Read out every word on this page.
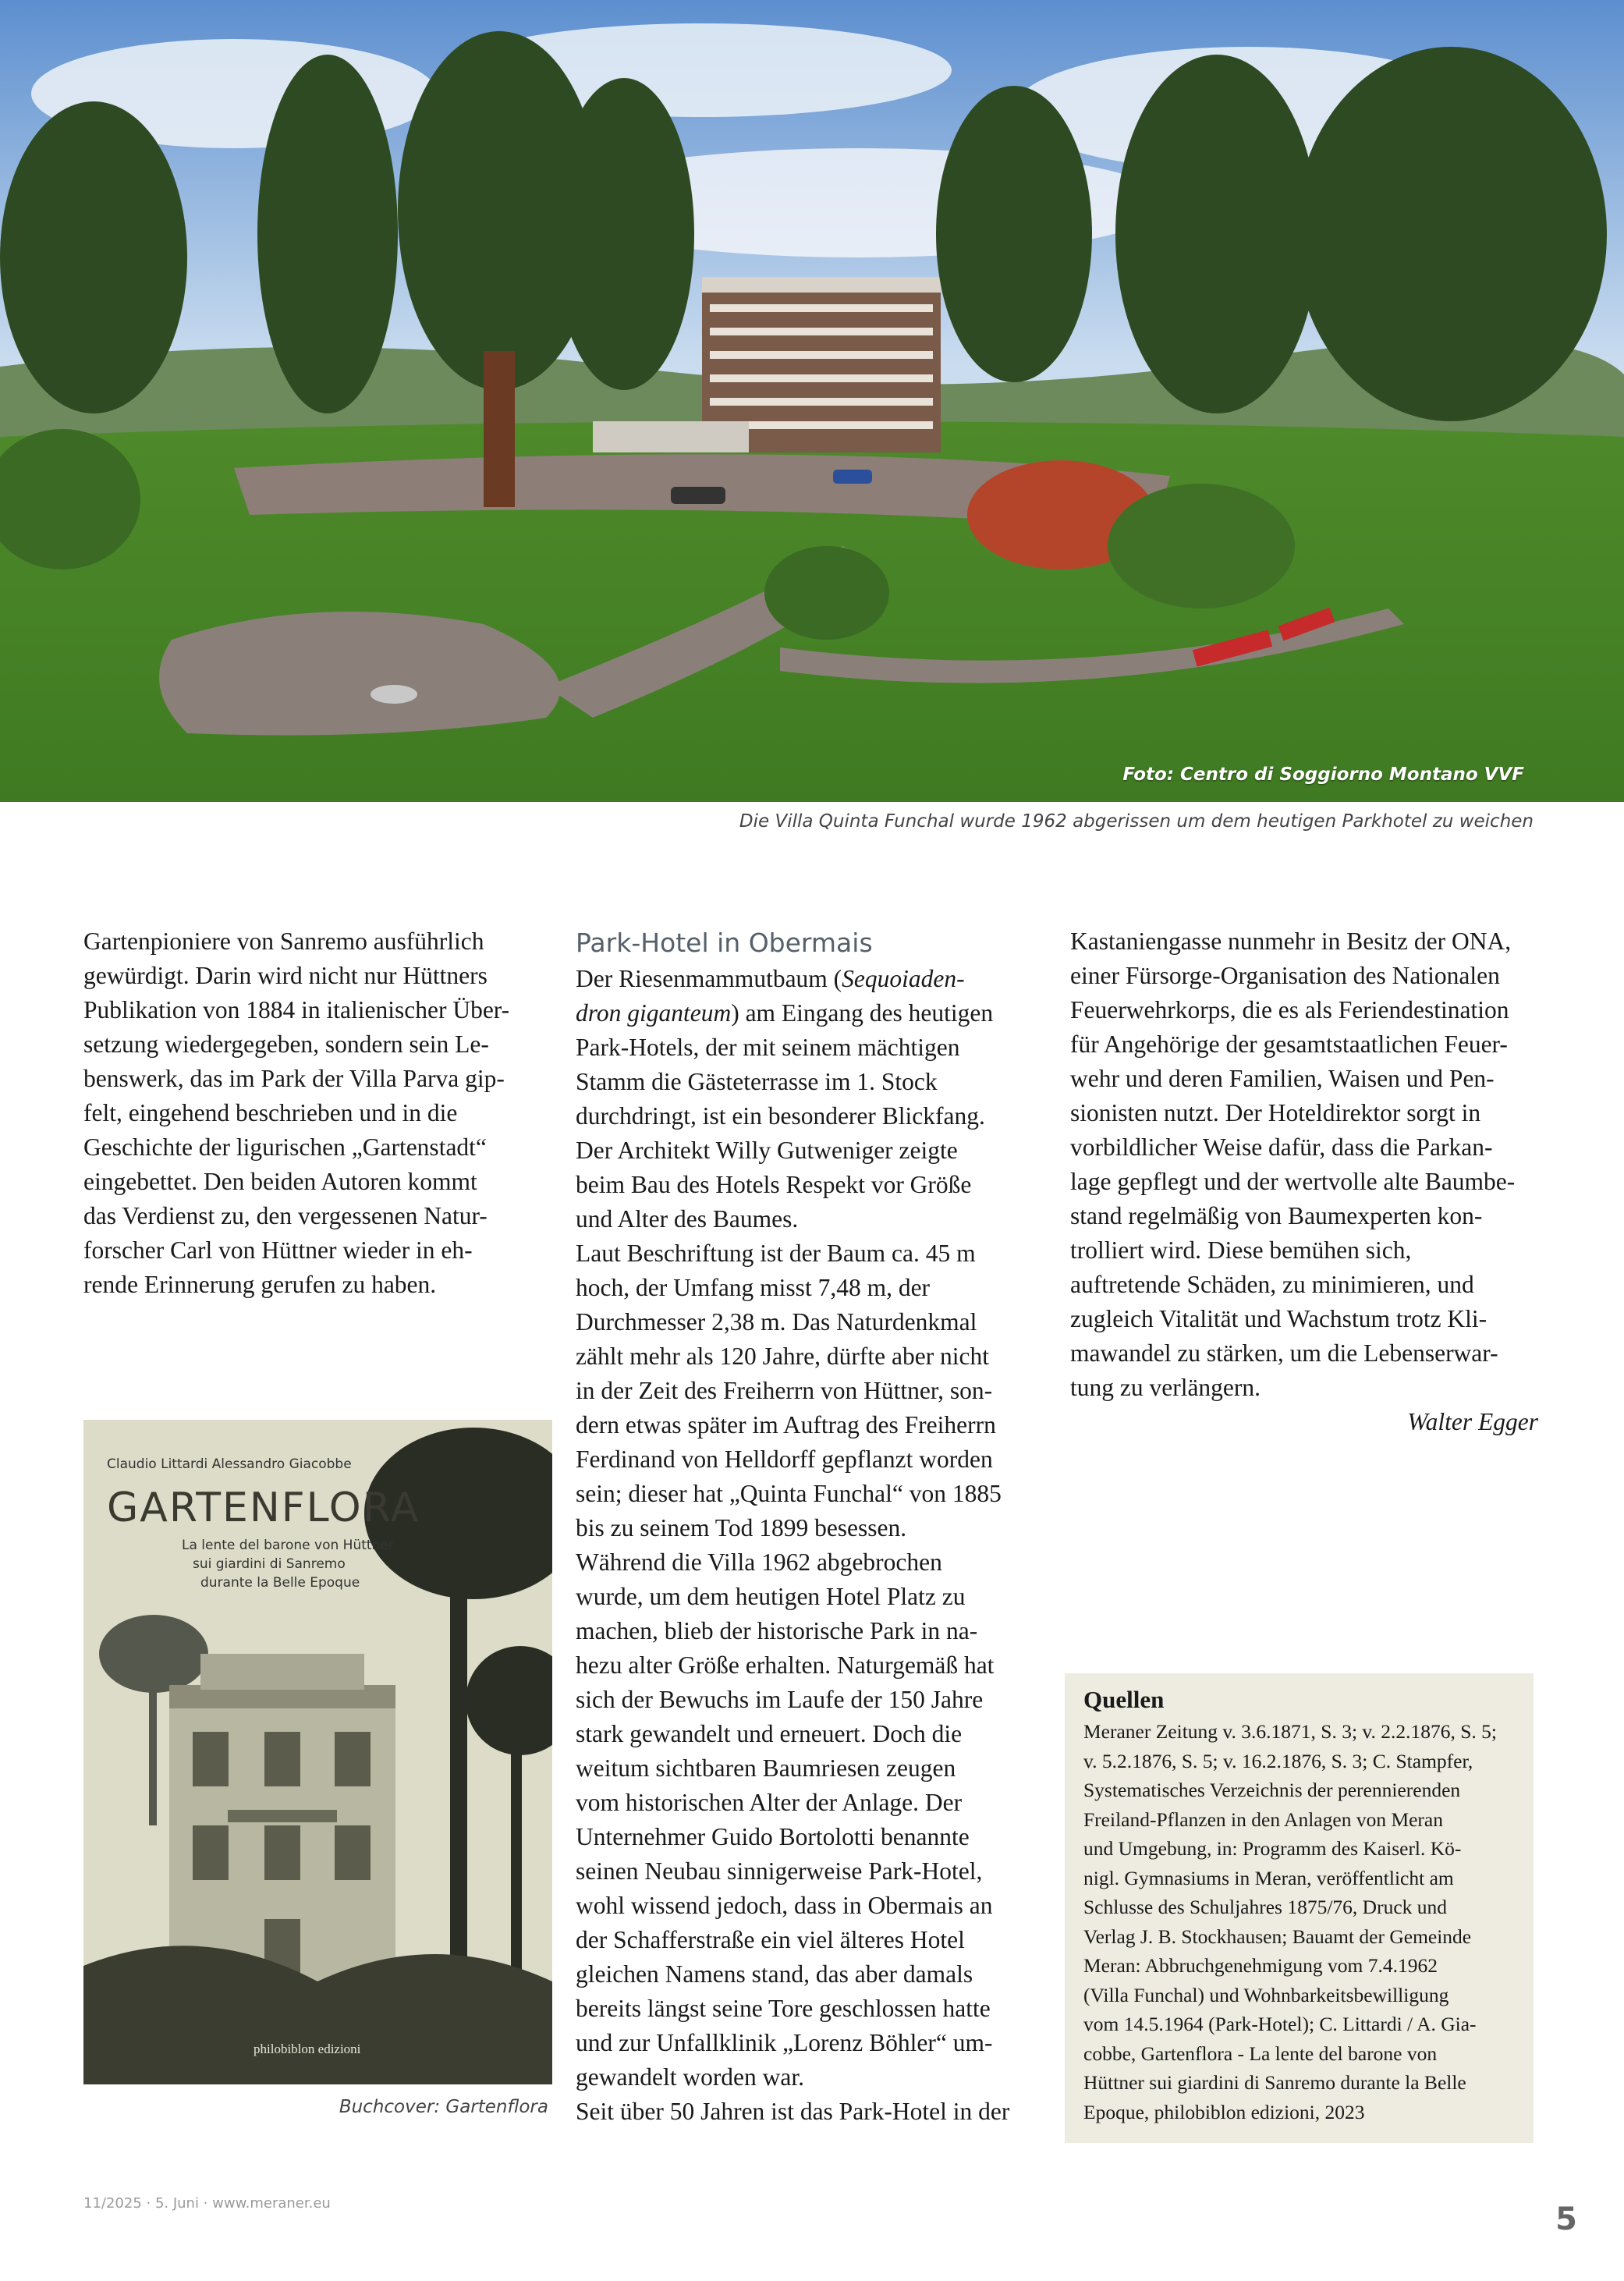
Foto: Centro di Soggiorno Montano VVF
Die Villa Quinta Funchal wurde 1962 abgerissen um dem heutigen Parkhotel zu weichen

Gartenpioniere von Sanremo ausführlich

gewürdigt. Darin wird nicht nur Hüttners

Publikation von 1884 in italienischer Über-

setzung wiedergegeben, sondern sein Le-

benswerk, das im Park der Villa Parva gip-

felt, eingehend beschrieben und in die

Geschichte der ligurischen „Gartenstadt“

eingebettet. Den beiden Autoren kommt

das Verdienst zu, den vergessenen Natur-

forscher Carl von Hüttner wieder in eh-

rende Erinnerung gerufen zu haben.

Claudio Littardi Alessandro Giacobbe
GARTENFLORA
La lente del barone von Hüttner
sui giardini di Sanremo
durante la Belle Epoque
philobiblon edizioni
Buchcover: Gartenflora

Park-Hotel in Obermais

Der Riesenmammutbaum (Sequoiaden-

dron giganteum) am Eingang des heutigen

Park-Hotels, der mit seinem mächtigen

Stamm die Gästeterrasse im 1. Stock

durchdringt, ist ein besonderer Blickfang.

Der Architekt Willy Gutweniger zeigte

beim Bau des Hotels Respekt vor Größe

und Alter des Baumes.

Laut Beschriftung ist der Baum ca. 45 m

hoch, der Umfang misst 7,48 m, der

Durchmesser 2,38 m. Das Naturdenkmal

zählt mehr als 120 Jahre, dürfte aber nicht

in der Zeit des Freiherrn von Hüttner, son-

dern etwas später im Auftrag des Freiherrn

Ferdinand von Helldorff gepflanzt worden

sein; dieser hat „Quinta Funchal“ von 1885

bis zu seinem Tod 1899 besessen.

Während die Villa 1962 abgebrochen

wurde, um dem heutigen Hotel Platz zu

machen, blieb der historische Park in na-

hezu alter Größe erhalten. Naturgemäß hat

sich der Bewuchs im Laufe der 150 Jahre

stark gewandelt und erneuert. Doch die

weitum sichtbaren Baumriesen zeugen

vom historischen Alter der Anlage. Der

Unternehmer Guido Bortolotti benannte

seinen Neubau sinnigerweise Park-Hotel,

wohl wissend jedoch, dass in Obermais an

der Schafferstraße ein viel älteres Hotel

gleichen Namens stand, das aber damals

bereits längst seine Tore geschlossen hatte

und zur Unfallklinik „Lorenz Böhler“ um-

gewandelt worden war.

Seit über 50 Jahren ist das Park-Hotel in der

Kastaniengasse nunmehr in Besitz der ONA,

einer Fürsorge-Organisation des Nationalen

Feuerwehrkorps, die es als Feriendestination

für Angehörige der gesamtstaatlichen Feuer-

wehr und deren Familien, Waisen und Pen-

sionisten nutzt. Der Hoteldirektor sorgt in

vorbildlicher Weise dafür, dass die Parkan-

lage gepflegt und der wertvolle alte Baumbe-

stand regelmäßig von Baumexperten kon-

trolliert wird. Diese bemühen sich,

auftretende Schäden, zu minimieren, und

zugleich Vitalität und Wachstum trotz Kli-

mawandel zu stärken, um die Lebenserwar-

tung zu verlängern.

Walter Egger

Quellen

Meraner Zeitung v. 3.6.1871, S. 3; v. 2.2.1876, S. 5;

v. 5.2.1876, S. 5; v. 16.2.1876, S. 3; C. Stampfer,

Systematisches Verzeichnis der perennierenden

Freiland-Pflanzen in den Anlagen von Meran

und Umgebung, in: Programm des Kaiserl. Kö-

nigl. Gymnasiums in Meran, veröffentlicht am

Schlusse des Schuljahres 1875/76, Druck und

Verlag J. B. Stockhausen; Bauamt der Gemeinde

Meran: Abbruchgenehmigung vom 7.4.1962

(Villa Funchal) und Wohnbarkeitsbewilligung

vom 14.5.1964 (Park-Hotel); C. Littardi / A. Gia-

cobbe, Gartenflora - La lente del barone von

Hüttner sui giardini di Sanremo durante la Belle

Epoque, philobiblon edizioni, 2023

11/2025 · 5. Juni · www.meraner.eu	5
